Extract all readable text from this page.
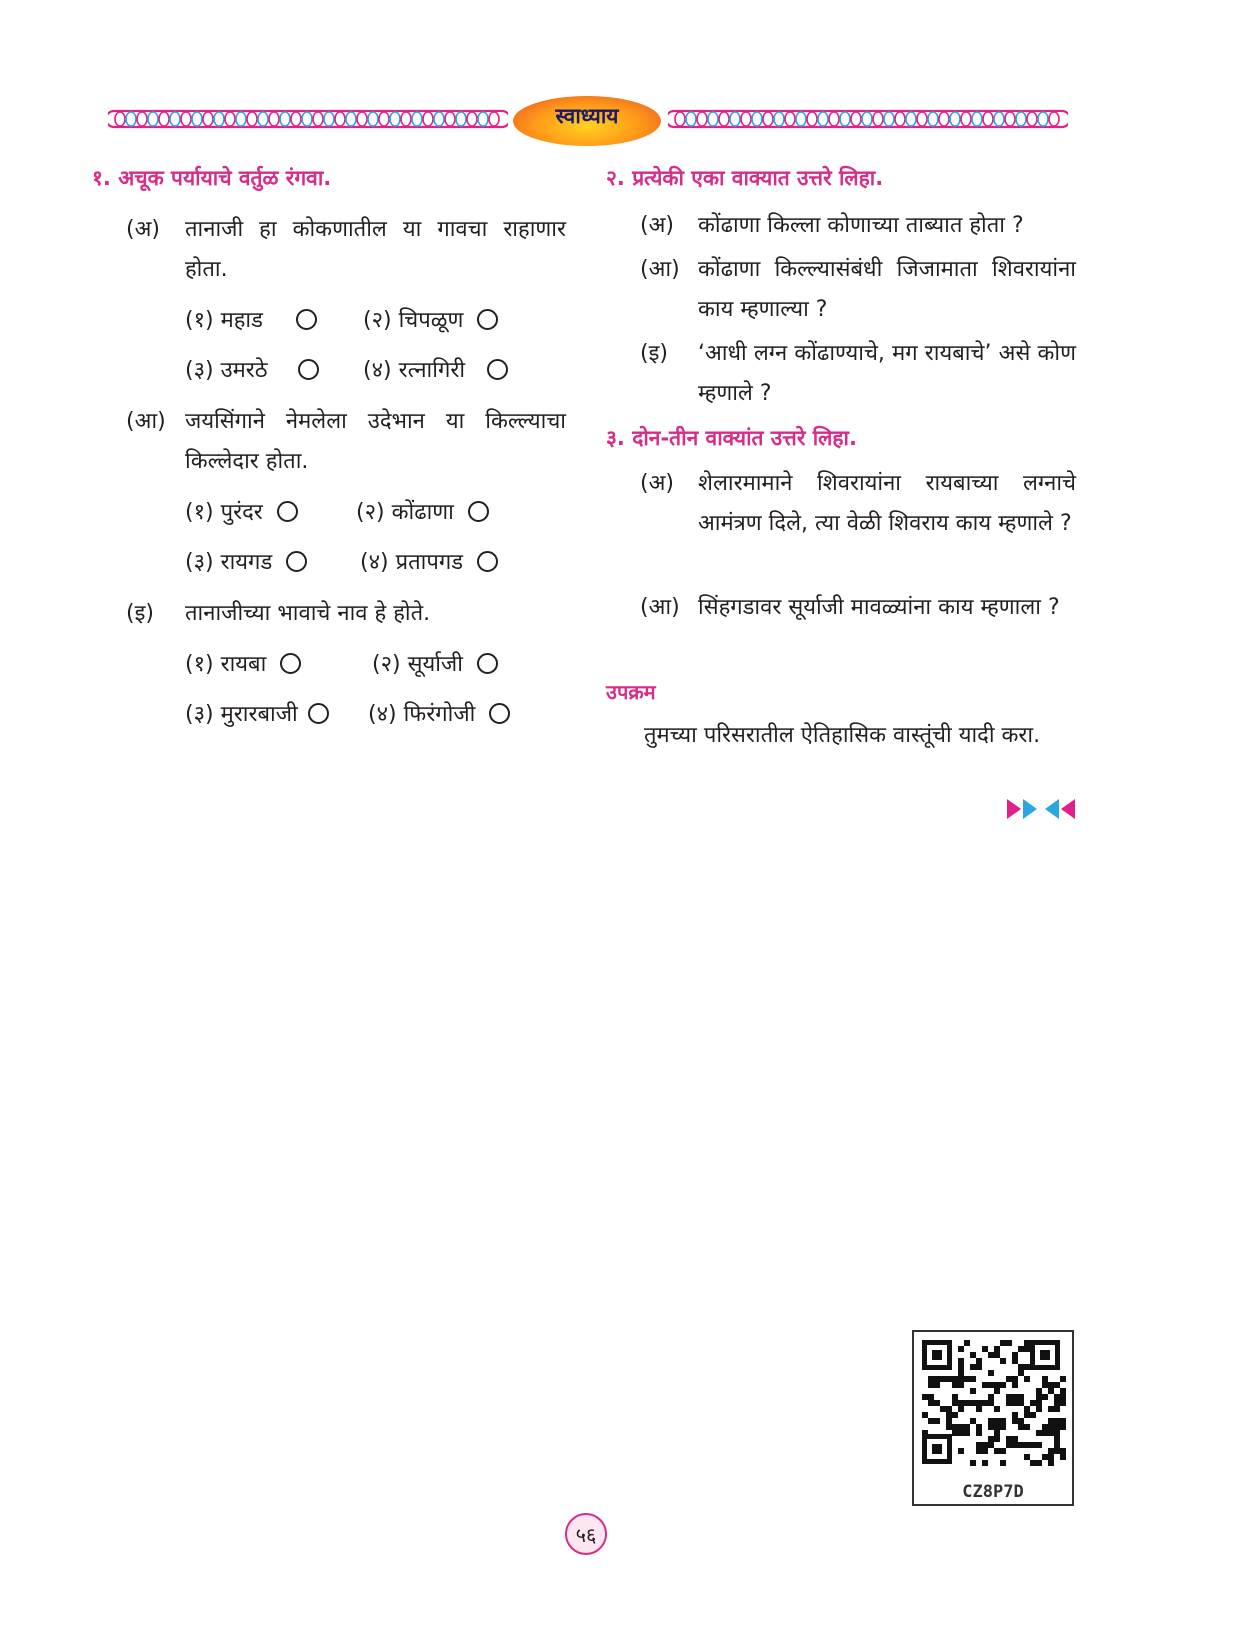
स्वाध्याय
१. अचूक पर्यायाचे वर्तुळ रंगवा.
(अ) तानाजी हा कोकणातील या गावचा राहाणार होता.
(१) महाड	(२) चिपळूण
(३) उमरठे	(४) रत्नागिरी
(आ) जयसिंगाने नेमलेला उदेभान या किल्ल्याचा किल्लेदार होता.
(१) पुरंदर	(२) कोंढाणा
(३) रायगड	(४) प्रतापगड
(इ) तानाजीच्या भावाचे नाव हे होते.
(१) रायबा	(२) सूर्याजी
(३) मुरारबाजी	(४) फिरंगोजी
२. प्रत्येकी एका वाक्यात उत्तरे लिहा.
(अ) कोंढाणा किल्ला कोणाच्या ताब्यात होता ?
(आ) कोंढाणा किल्ल्यासंबंधी जिजामाता शिवरायांना काय म्हणाल्या ?
(इ) ‘आधी लग्न कोंढाण्याचे, मग रायबाचे’ असे कोण म्हणाले ?
३. दोन-तीन वाक्यांत उत्तरे लिहा.
(अ) शेलारमामाने शिवरायांना रायबाच्या लग्नाचे आमंत्रण दिले, त्या वेळी शिवराय काय म्हणाले ?
(आ) सिंहगडावर सूर्याजी मावळ्यांना काय म्हणाला ?
उपक्रम
तुमच्या परिसरातील ऐतिहासिक वास्तूंची यादी करा.
CZ8P7D
५६
